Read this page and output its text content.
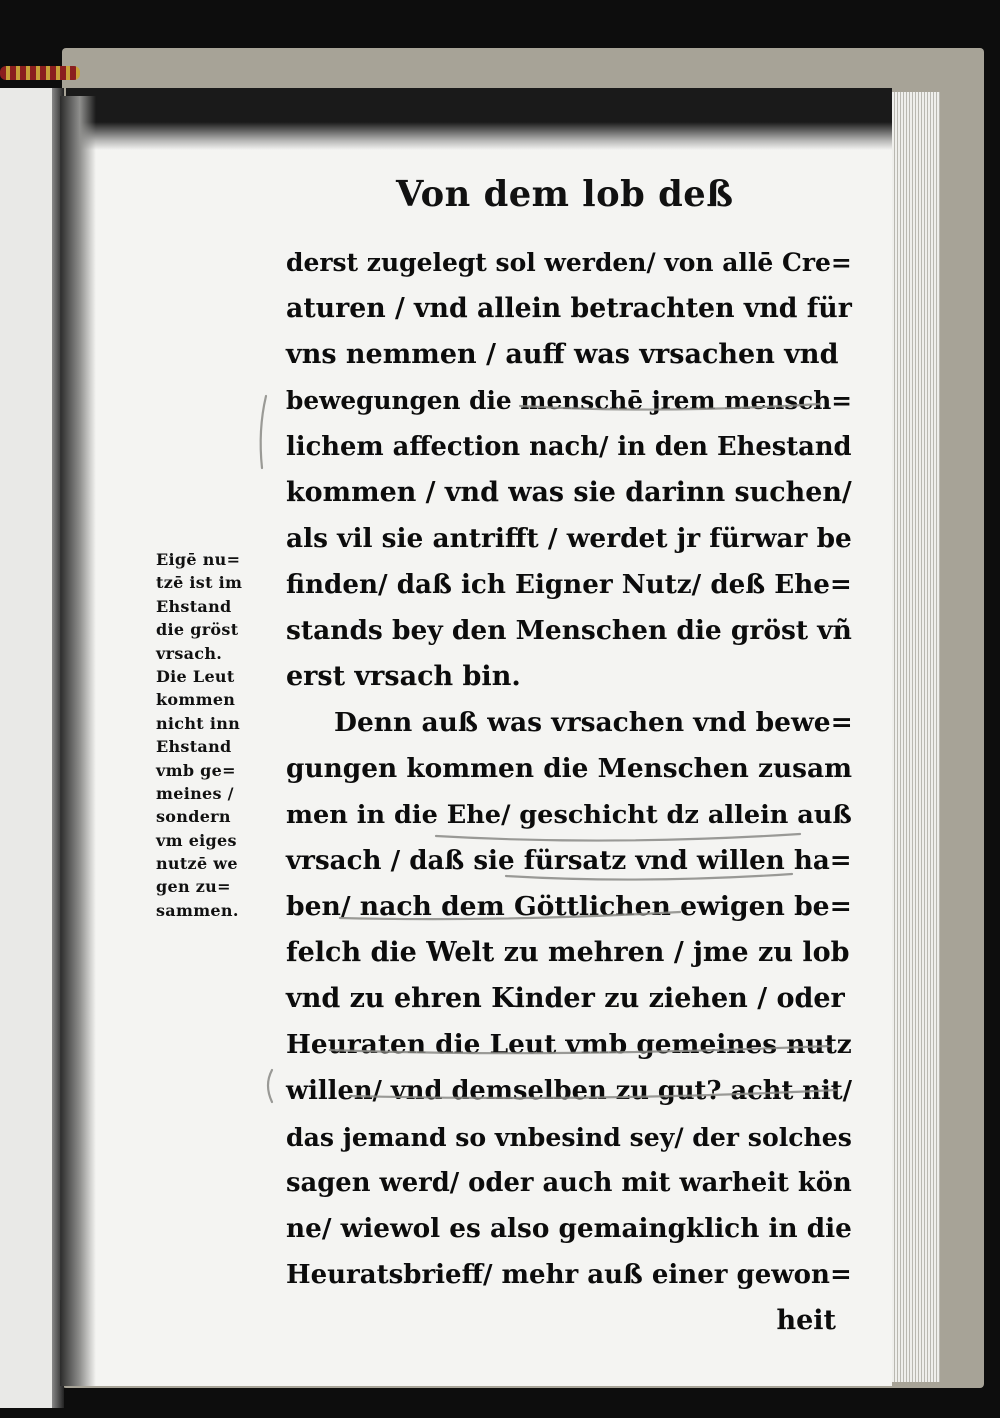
Von dem lob deß
derst zugelegt sol werden/ von allē Cre=
aturen / vnd allein betrachten vnd für
vns nemmen / auff was vrsachen vnd
bewegungen die menschē jrem mensch=
lichem affection nach/ in den Ehestand
kommen / vnd was sie darinn suchen/
als vil sie antrifft / werdet jr fürwar be
finden/ daß ich Eigner Nutz/ deß Ehe=
stands bey den Menschen die gröst vñ
erst vrsach bin.
Denn auß was vrsachen vnd bewe=
gungen kommen die Menschen zusam
men in die Ehe/ geschicht dz allein auß
vrsach / daß sie fürsatz vnd willen ha=
ben/ nach dem Göttlichen ewigen be=
felch die Welt zu mehren / jme zu lob
vnd zu ehren Kinder zu ziehen / oder
Heuraten die Leut vmb gemeines nutz
willen/ vnd demselben zu gut? acht nit/
das jemand so vnbesind sey/ der solches
sagen werd/ oder auch mit warheit kön
ne/ wiewol es also gemaingklich in die
Heuratsbrieff/ mehr auß einer gewon=
heit
Eigē nu=
tzē ist im
Ehstand
die gröst
vrsach.
Die Leut
kommen
nicht inn
Ehstand
vmb ge=
meines /
sondern
vm eiges
nutzē we
gen zu=
sammen.
